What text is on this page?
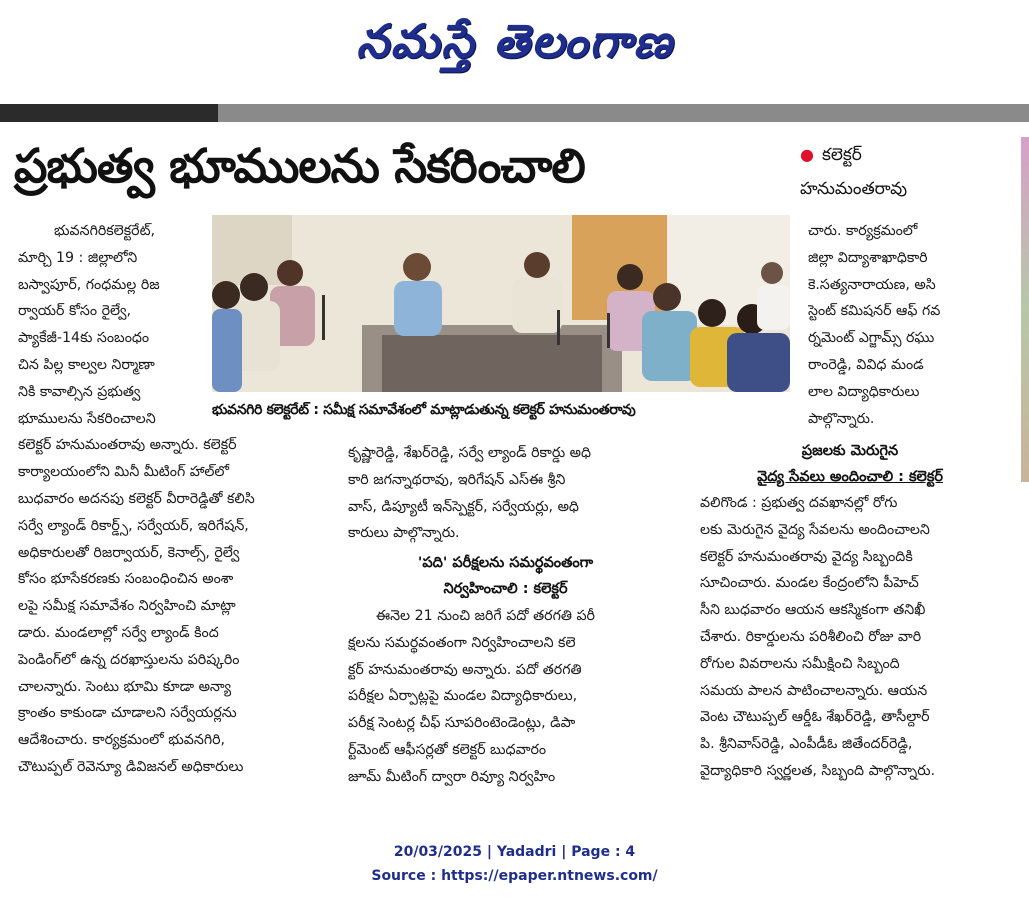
నమస్తే తెలంగాణ
ప్రభుత్వ భూములను సేకరించాలి	● కలెక్టర్
హనుమంతరావు
భువనగిరికలెక్టరేట్,
మార్చి 19 : జిల్లాలోని
బస్వాపూర్, గంధమల్ల రిజ
ర్వాయర్ కోసం రైల్వే,
ప్యాకేజీ-14కు సంబంధం
చిన పిల్ల కాల్వల నిర్మాణా
నికి కావాల్సిన ప్రభుత్వ
భూములను సేకరించాలని
కలెక్టర్ హనుమంతరావు అన్నారు. కలెక్టర్
కార్యాలయంలోని మినీ మీటింగ్ హాల్‌లో
బుధవారం అదనపు కలెక్టర్ వీరారెడ్డితో కలిసి
సర్వే ల్యాండ్ రికార్డ్స్, సర్వేయర్, ఇరిగేషన్,
అధికారులతో రిజర్వాయర్, కెనాల్స్, రైల్వే
కోసం భూసేకరణకు సంబంధించిన అంశా
లపై సమీక్ష సమావేశం నిర్వహించి మాట్లా
డారు. మండలాల్లో సర్వే ల్యాండ్ కింద
పెండింగ్‌లో ఉన్న దరఖాస్తులను పరిష్కరిం
చాలన్నారు. సెంటు భూమి కూడా అన్యా
క్రాంతం కాకుండా చూడాలని సర్వేయర్లను
ఆదేశించారు. కార్యక్రమంలో భువనగిరి,
చౌటుప్పల్ రెవెన్యూ డివిజనల్ అధికారులు
భువనగిరి కలెక్టరేట్ : సమీక్ష సమావేశంలో మాట్లాడుతున్న కలెక్టర్ హనుమంతరావు
కృష్ణారెడ్డి, శేఖర్‌రెడ్డి, సర్వే ల్యాండ్ రికార్డు అధి
కారి జగన్నాథరావు, ఇరిగేషన్ ఎస్ఈ శ్రీని
వాస్, డిప్యూటీ ఇన్‌స్పెక్టర్, సర్వేయర్లు, అధి
కారులు పాల్గొన్నారు.
'పది' పరీక్షలను సమర్థవంతంగా
నిర్వహించాలి : కలెక్టర్
ఈనెల 21 నుంచి జరిగే పదో తరగతి పరీ
క్షలను సమర్థవంతంగా నిర్వహించాలని కలె
క్టర్ హనుమంతరావు అన్నారు. పదో తరగతి
పరీక్షల ఏర్పాట్లపై మండల విద్యాధికారులు,
పరీక్ష సెంటర్ల చీఫ్ సూపరింటెండెంట్లు, డిపా
ర్ట్‌మెంట్ ఆఫీసర్లతో కలెక్టర్ బుధవారం
జూమ్ మీటింగ్ ద్వారా రివ్యూ నిర్వహిం
చారు. కార్యక్రమంలో
జిల్లా విద్యాశాఖాధికారి
కె.సత్యనారాయణ, అసి
స్టెంట్ కమిషనర్ ఆఫ్ గవ
ర్నమెంట్ ఎగ్జామ్స్ రఘు
రాంరెడ్డి, వివిధ మండ
లాల విద్యాధికారులు
పాల్గొన్నారు.
ప్రజలకు మెరుగైన
వైద్య సేవలు అందించాలి : కలెక్టర్
వలిగొండ : ప్రభుత్వ దవఖానల్లో రోగు
లకు మెరుగైన వైద్య సేవలను అందించాలని
కలెక్టర్ హనుమంతరావు వైద్య సిబ్బందికి
సూచించారు. మండల కేంద్రంలోని పీహెచ్
సీని బుధవారం ఆయన ఆకస్మికంగా తనిఖీ
చేశారు. రికార్డులను పరిశీలించి రోజు వారి
రోగుల వివరాలను సమీక్షించి సిబ్బంది
సమయ పాలన పాటించాలన్నారు. ఆయన
వెంట చౌటుప్పల్ ఆర్డీఓ శేఖర్‌రెడ్డి, తాసీల్దార్
పి. శ్రీనివాస్‌రెడ్డి, ఎంపీడీఓ జితేందర్‌రెడ్డి,
వైద్యాధికారి స్వర్ణలత, సిబ్బంది పాల్గొన్నారు.
20/03/2025 | Yadadri | Page : 4
Source : https://epaper.ntnews.com/
